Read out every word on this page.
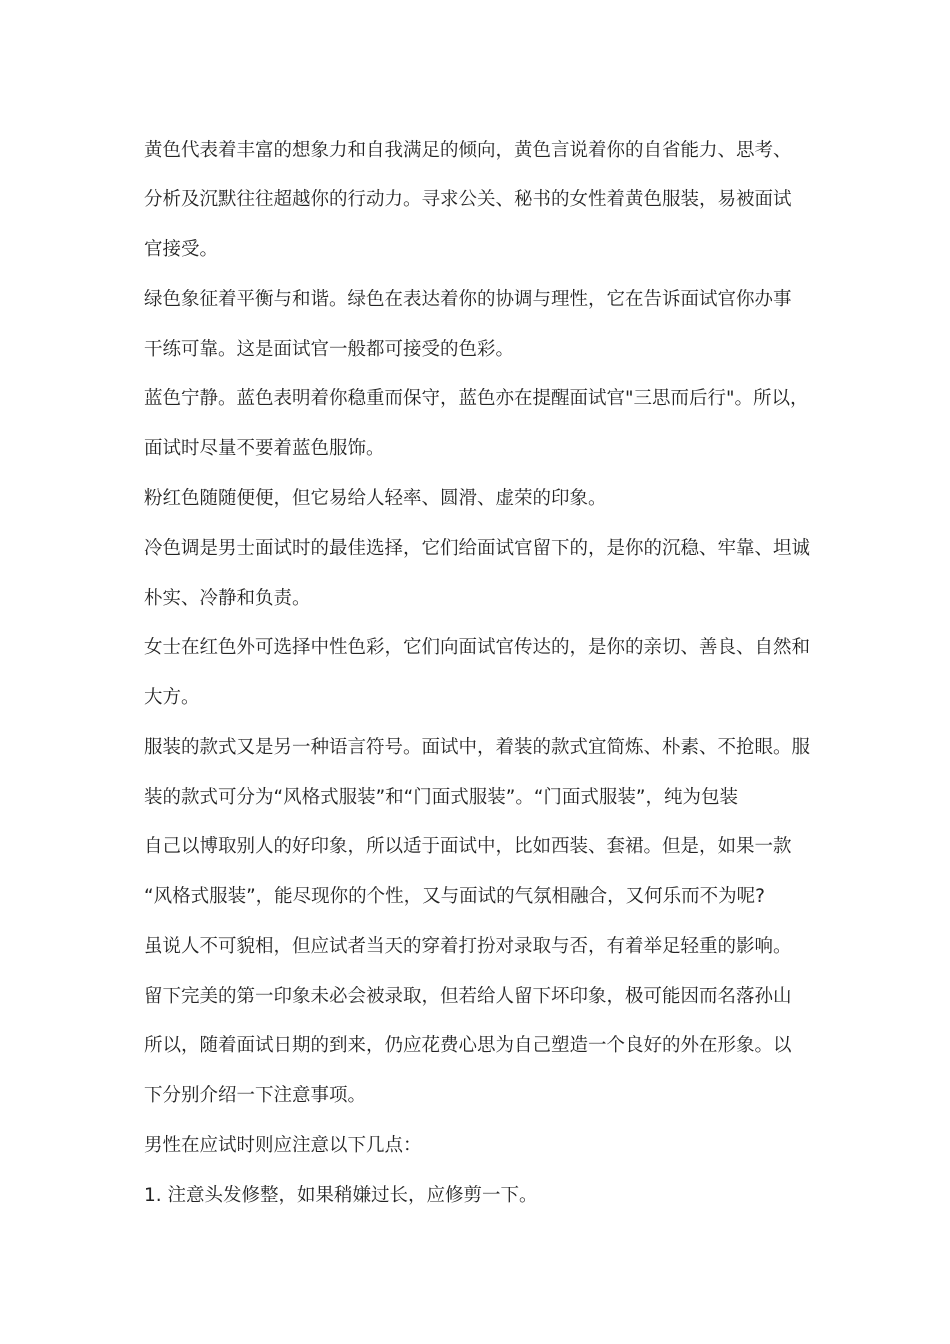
黄色代表着丰富的想象力和自我满足的倾向，黄色言说着你的自省能力、思考、

分析及沉默往往超越你的行动力。寻求公关、秘书的女性着黄色服装，易被面试

官接受。

绿色象征着平衡与和谐。绿色在表达着你的协调与理性，它在告诉面试官你办事

干练可靠。这是面试官一般都可接受的色彩。

蓝色宁静。蓝色表明着你稳重而保守，蓝色亦在提醒面试官"三思而后行"。所以，

面试时尽量不要着蓝色服饰。

粉红色随随便便，但它易给人轻率、圆滑、虚荣的印象。

冷色调是男士面试时的最佳选择，它们给面试官留下的，是你的沉稳、牢靠、坦诚

朴实、冷静和负责。

女士在红色外可选择中性色彩，它们向面试官传达的，是你的亲切、善良、自然和

大方。

服装的款式又是另一种语言符号。面试中，着装的款式宜简炼、朴素、不抢眼。服

装的款式可分为“风格式服装”和“门面式服装”。“门面式服装”，纯为包装

自己以博取别人的好印象，所以适于面试中，比如西装、套裙。但是，如果一款

“风格式服装”，能尽现你的个性，又与面试的气氛相融合，又何乐而不为呢?

虽说人不可貌相，但应试者当天的穿着打扮对录取与否，有着举足轻重的影响。

留下完美的第一印象未必会被录取，但若给人留下坏印象，极可能因而名落孙山

所以，随着面试日期的到来，仍应花费心思为自己塑造一个良好的外在形象。以

下分别介绍一下注意事项。

男性在应试时则应注意以下几点：

1. 注意头发修整，如果稍嫌过长，应修剪一下。
